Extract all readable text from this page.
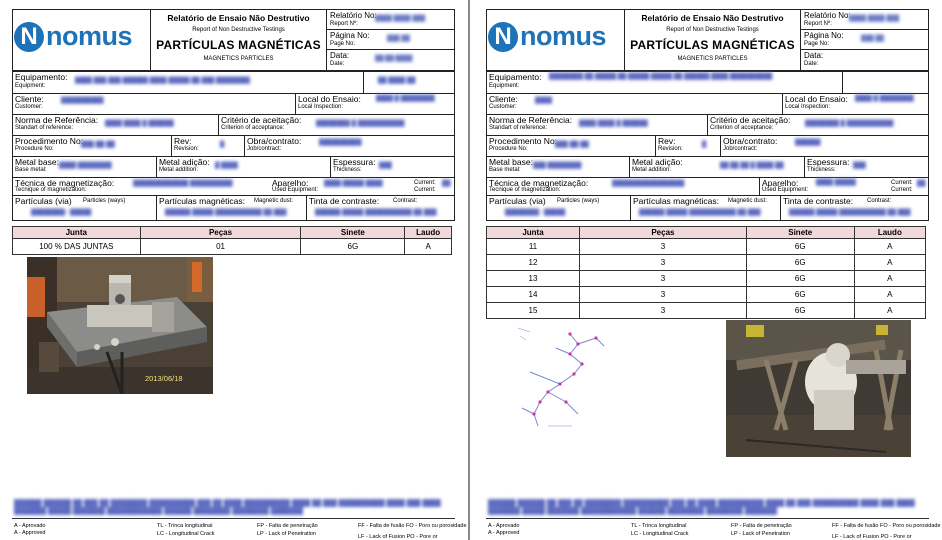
N nomus
Relatório de Ensaio Não Destrutivo
Report of Non Destructive Testings
PARTÍCULAS MAGNÉTICAS
MAGNETICS PARTICLES
Relatório No:
Report Nº:
████ ████ ███
Página No:
Page No:
███ ██
Data:
Date:
██/██/████
Equipamento:
Equipment:
████ ███ ███ ██████ ████ █████ ██ ███ ████████	██ ████ ██
Cliente:
Customer:
██████████	Local do Ensaio:
Local Inspection:
████ █ ████████
Norma de Referência:
Standart of reference:
████ ████ █ ██████	Critério de aceitação:
Criterion of acceptance:
████████ █ ███████████
Procedimento No:
Procedure No:
███-██-██	Rev:
Revision:
█	Obra/contrato:
Job/contract:
██████████
Metal base:
Base metal:
████ ████████	Metal adição:
Metal addition:
█ ████	Espessura:
Thickness:
███
Técnica de magnetização:
Tecnique of magnetization:
█████████████ ██████████	Aparelho:
Used Equipment:
████ █████ ████	Current:
Current:
██
Partículas (via) Particles (ways)
████████ / █████
Partículas magnéticas: Magnetic dust:
██████ █████ ███████████ ██ ███
Tinta de contraste: Contrast:
██████ █████ ███████████ ██ ███
Junta	Peças	Sinete	Laudo
100 % DAS JUNTAS	01	6G	A
2013/06/18
██████ ██████ ██ ███ ██ ████████ ██████████ ███ ██ ████ ██████████ ████ ██ ███ ██████████ ████ ███ ████ ███████ █████ ███████ ████████████ ██████ ████████ ████████ ███████
A - Aprovado
A - Approved
TL - Trinca longitudinal
LC - Longitudinal Crack
FP - Falta de penetração
LP - Lack of Penetration
FF - Falta de fusão FO - Poro ou porosidade
LF - Lack of Fusion PO - Pore or
N nomus
Relatório de Ensaio Não Destrutivo
Report of Non Destructive Testings
PARTÍCULAS MAGNÉTICAS
MAGNETICS PARTICLES
Relatório No:
Report Nº:
████ ████ ███
Página No:
Page No:
███ ██
Data:
Date:
Equipamento:
Equipment:
████████ ██ █████ ██ █████ █████ ██ ██████ ████ ██████████
Cliente:
Customer:
████	Local do Ensaio:
Local Inspection:
████ █ ████████
Norma de Referência:
Standart of reference:
████ ████ █ ██████	Critério de aceitação:
Criterion of acceptance:
████████ █ ███████████
Procedimento No:
Procedure No:
███-██-██	Rev:
Revision:
█ Obra/contrato:
Job/contract:
██████
Metal base:
Base metal:
███ ████████	Metal adição:
Metal addition:
██ ██ ██ █ ████ ██	Espessura:
Thickness:
███
Técnica de magnetização:
Tecnique of magnetization:
█████████████████	Aparelho:
Used Equipment:
████ █████	Current:
Current:
██
Partículas (via) Particles (ways)
████████ / █████
Partículas magnéticas: Magnetic dust:
██████ █████ ███████████ ██ ███
Tinta de contraste: Contrast:
██████ █████ ███████████ ██ ███
Junta	Peças	Sinete	Laudo
11	3	6G	A
12	3	6G	A
13	3	6G	A
14	3	6G	A
15	3	6G	A
██████ ██████ ██ ███ ██ ████████ ██████████ ███ ██ ████ ██████████ ████ ██ ███ ██████████ ████ ███ ████ ███████ █████ ███████ ████████████ ██████ ████████ ████████ ███████
A - Aprovado
A - Approved
TL - Trinca longitudinal
LC - Longitudinal Crack
FP - Falta de penetração
LP - Lack of Penetration
FF - Falta de fusão FO - Poro ou porosidade
LF - Lack of Fusion PO - Pore or
